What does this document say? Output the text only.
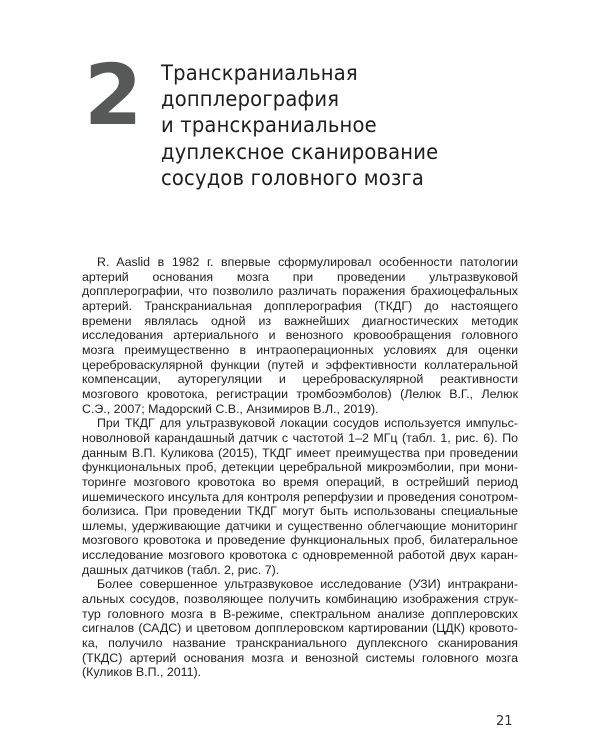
2 Транскраниальная
допплерография
и транскраниальное
дуплексное сканирование
сосудов головного мозга

R. Aaslid в 1982 г. впервые сформулировал особенности патологии артерий основания мозга при проведении ультразвуковой допплерографии, что позволило различать поражения брахиоцефальных артерий. Транскраниальная допплерография (ТКДГ) до настоящего времени являлась одной из важнейших диагностических методик исследования артериального и венозного кровообращения головного мозга преимущественно в интраоперационных условиях для оценки цереброваскулярной функции (путей и эффективности коллатеральной компенсации, ауторегуляции и цереброваскулярной реактивности мозгового кровотока, регистрации тромбоэмболов) (Лелюк В.Г., Лелюк С.Э., 2007; Мадорский С.В., Анзимиров В.Л., 2019).

При ТКДГ для ультразвуковой локации сосудов используется импульсноволновой карандашный датчик с частотой 1–2 МГц (табл. 1, рис. 6). По данным В.П. Куликова (2015), ТКДГ имеет преимущества при проведении функциональных проб, детекции церебральной микроэмболии, при мониторинге мозгового кровотока во время операций, в острейший период ишемического инсульта для контроля реперфузии и проведения сонотромболизиса. При проведении ТКДГ могут быть использованы специальные шлемы, удерживающие датчики и существенно облегчающие мониторинг мозгового кровотока и проведение функциональных проб, билатеральное исследование мозгового кровотока с одновременной работой двух карандашных датчиков (табл. 2, рис. 7).

Более совершенное ультразвуковое исследование (УЗИ) интракраниальных сосудов, позволяющее получить комбинацию изображения структур головного мозга в В-режиме, спектральном анализе допплеровских сигналов (САДС) и цветовом допплеровском картировании (ЦДК) кровотока, получило название транскраниального дуплексного сканирования (ТКДС) артерий основания мозга и венозной системы головного мозга (Куликов В.П., 2011).

21
